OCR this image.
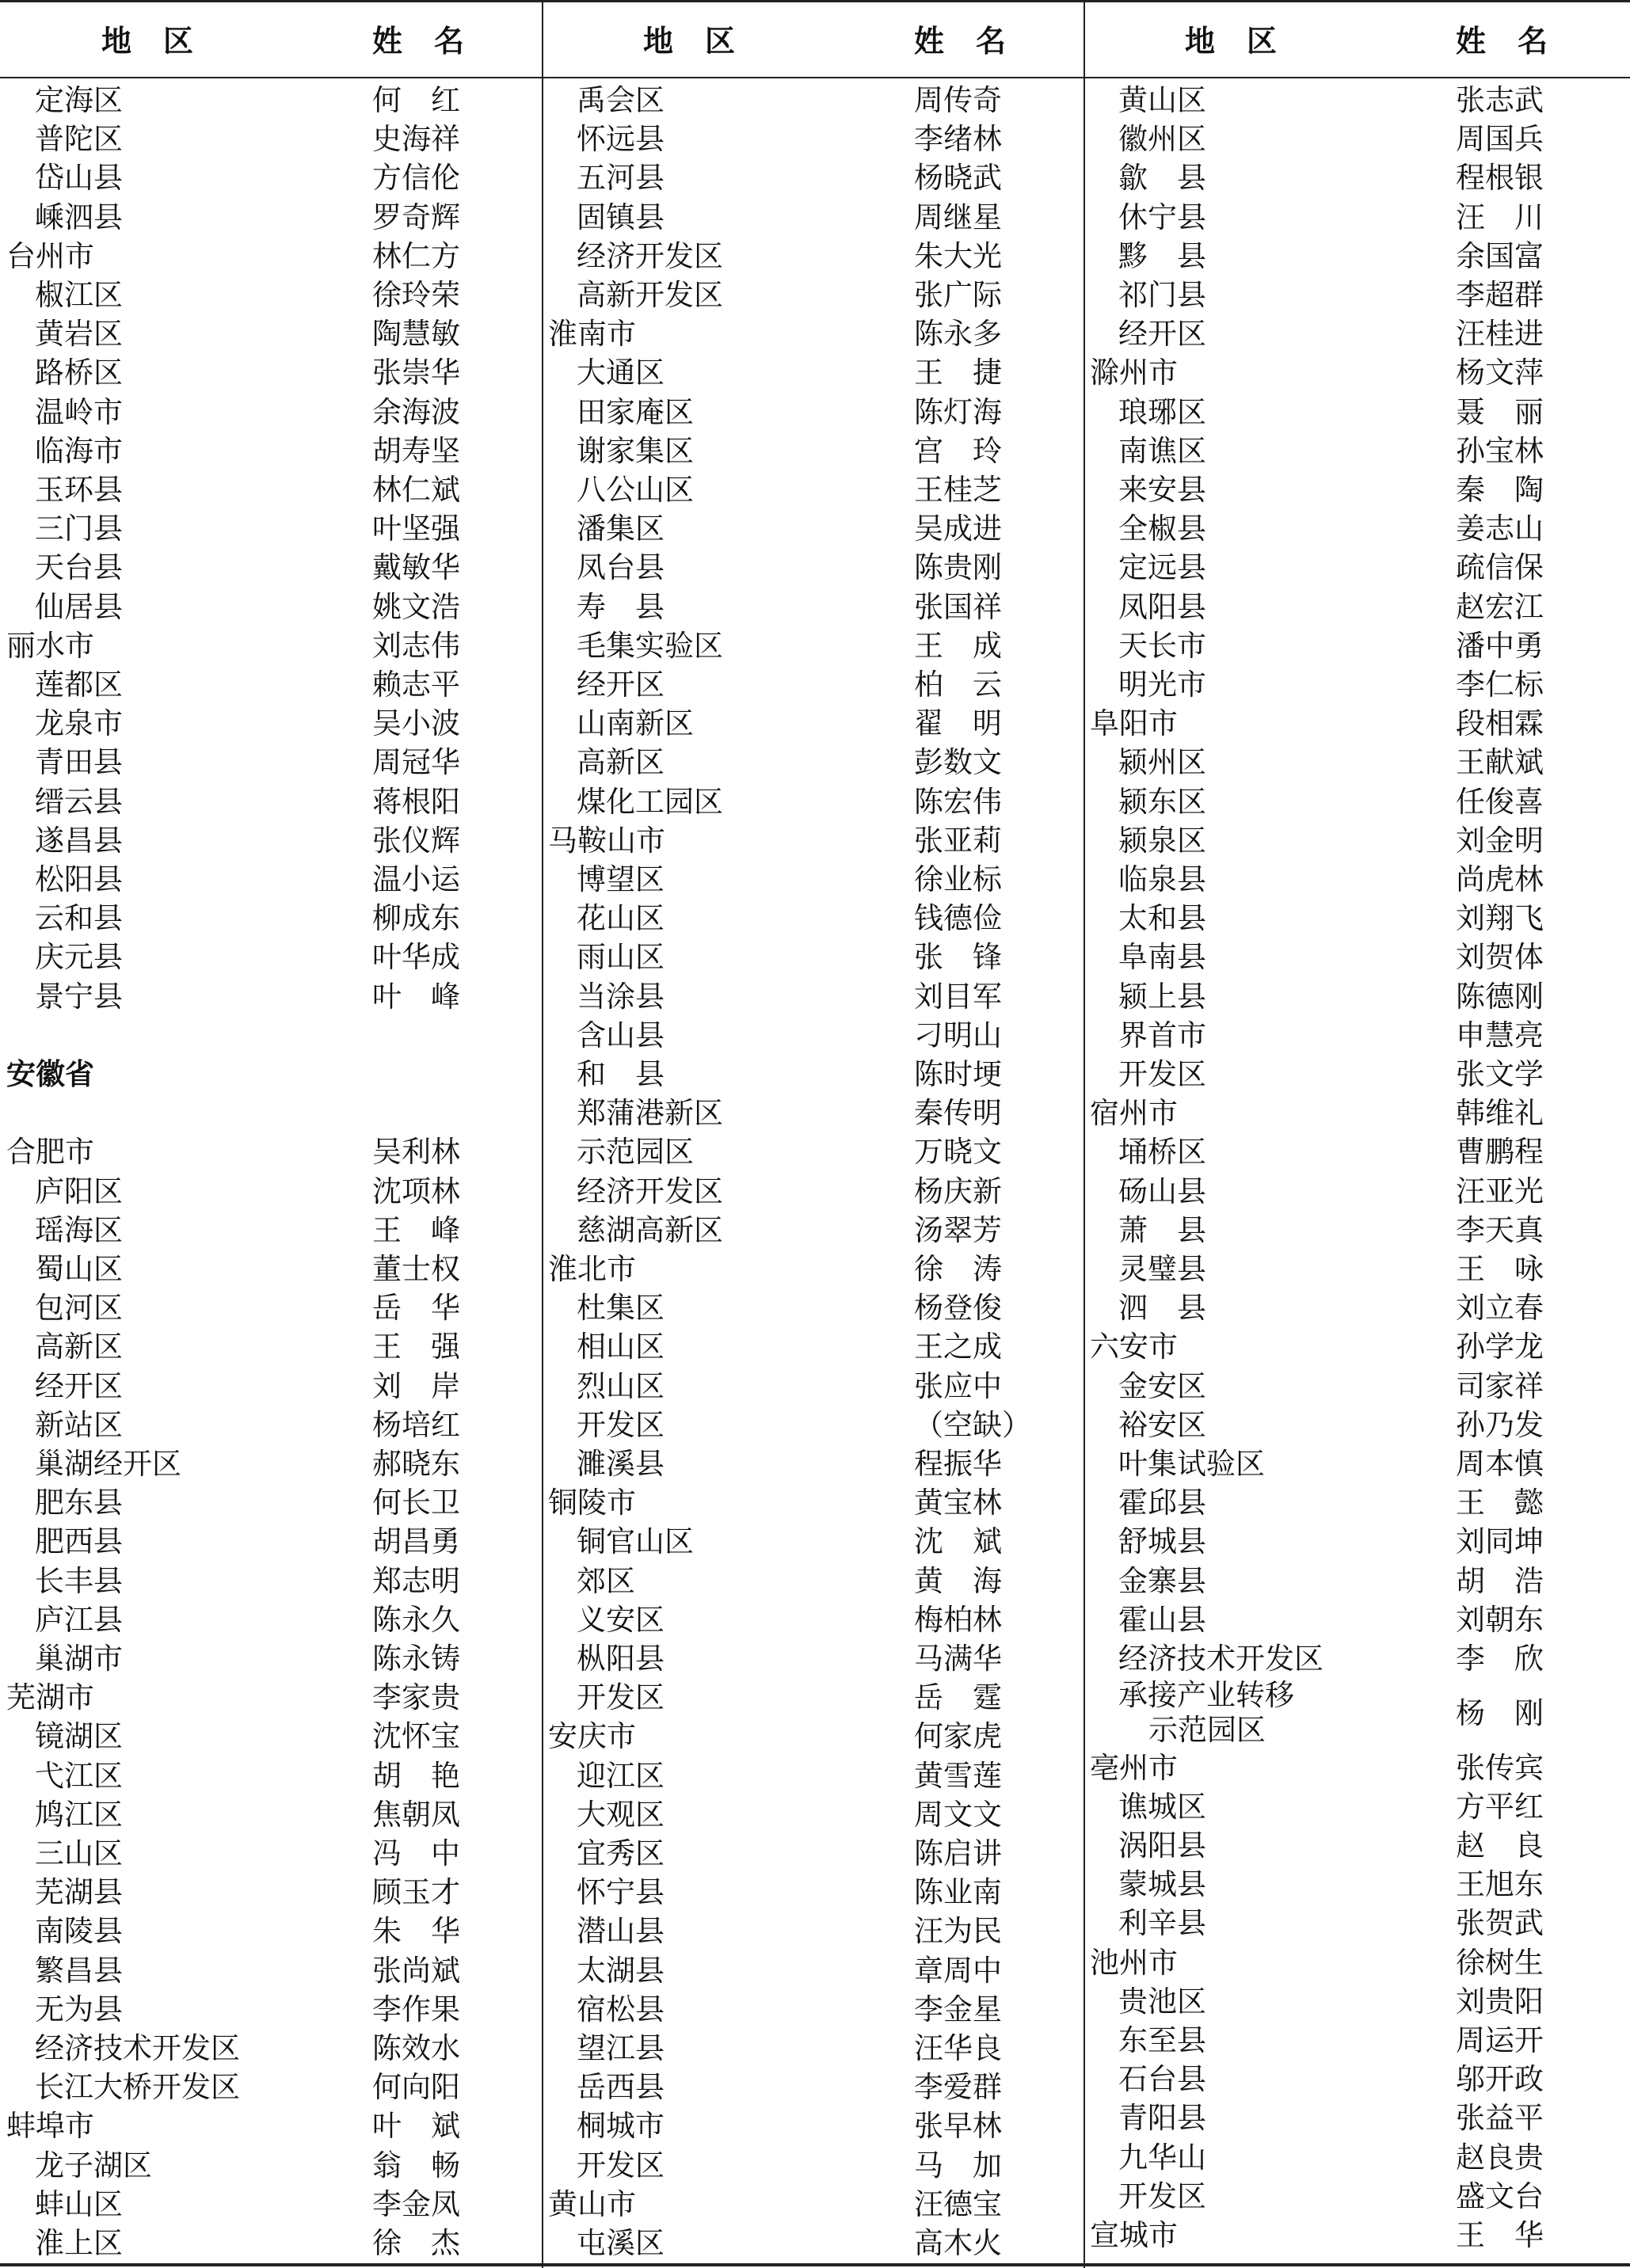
地区	姓名	地区	姓名	地区	姓名
定海区	何红
普陀区	史海祥
岱山县	方信伦
嵊泗县	罗奇辉
台州市	林仁方
椒江区	徐玲荣
黄岩区	陶慧敏
路桥区	张崇华
温岭市	余海波
临海市	胡寿坚
玉环县	林仁斌
三门县	叶坚强
天台县	戴敏华
仙居县	姚文浩
丽水市	刘志伟
莲都区	赖志平
龙泉市	吴小波
青田县	周冠华
缙云县	蒋根阳
遂昌县	张仪辉
松阳县	温小运
云和县	柳成东
庆元县	叶华成
景宁县	叶峰
安徽省
合肥市	吴利林
庐阳区	沈项林
瑶海区	王峰
蜀山区	董士权
包河区	岳华
高新区	王强
经开区	刘岸
新站区	杨培红
巢湖经开区	郝晓东
肥东县	何长卫
肥西县	胡昌勇
长丰县	郑志明
庐江县	陈永久
巢湖市	陈永铸
芜湖市	李家贵
镜湖区	沈怀宝
弋江区	胡艳
鸠江区	焦朝凤
三山区	冯中
芜湖县	顾玉才
南陵县	朱华
繁昌县	张尚斌
无为县	李作果
经济技术开发区	陈效水
长江大桥开发区	何向阳
蚌埠市	叶斌
龙子湖区	翁畅
蚌山区	李金凤
淮上区	徐杰
禹会区	周传奇
怀远县	李绪林
五河县	杨晓武
固镇县	周继星
经济开发区	朱大光
高新开发区	张广际
淮南市	陈永多
大通区	王捷
田家庵区	陈灯海
谢家集区	宫玲
八公山区	王桂芝
潘集区	吴成进
凤台县	陈贵刚
寿　县	张国祥
毛集实验区	王成
经开区	柏云
山南新区	翟明
高新区	彭数文
煤化工园区	陈宏伟
马鞍山市	张亚莉
博望区	徐业标
花山区	钱德俭
雨山区	张锋
当涂县	刘目军
含山县	刁明山
和　县	陈时埂
郑蒲港新区	秦传明
示范园区	万晓文
经济开发区	杨庆新
慈湖高新区	汤翠芳
淮北市	徐涛
杜集区	杨登俊
相山区	王之成
烈山区	张应中
开发区	（空缺）
濉溪县	程振华
铜陵市	黄宝林
铜官山区	沈斌
郊区	黄海
义安区	梅柏林
枞阳县	马满华
开发区	岳霆
安庆市	何家虎
迎江区	黄雪莲
大观区	周文文
宜秀区	陈启讲
怀宁县	陈业南
潜山县	汪为民
太湖县	章周中
宿松县	李金星
望江县	汪华良
岳西县	李爱群
桐城市	张早林
开发区	马加
黄山市	汪德宝
屯溪区	高木火
黄山区	张志武
徽州区	周国兵
歙　县	程根银
休宁县	汪川
黟　县	余国富
祁门县	李超群
经开区	汪桂进
滁州市	杨文萍
琅琊区	聂丽
南谯区	孙宝林
来安县	秦陶
全椒县	姜志山
定远县	疏信保
凤阳县	赵宏江
天长市	潘中勇
明光市	李仁标
阜阳市	段相霖
颍州区	王献斌
颍东区	任俊喜
颍泉区	刘金明
临泉县	尚虎林
太和县	刘翔飞
阜南县	刘贺体
颍上县	陈德刚
界首市	申慧亮
开发区	张文学
宿州市	韩维礼
埇桥区	曹鹏程
砀山县	汪亚光
萧　县	李天真
灵璧县	王咏
泗　县	刘立春
六安市	孙学龙
金安区	司家祥
裕安区	孙乃发
叶集试验区	周本慎
霍邱县	王懿
舒城县	刘同坤
金寨县	胡浩
霍山县	刘朝东
经济技术开发区	李欣
承接产业转移
示范园区	杨刚
亳州市	张传宾
谯城区	方平红
涡阳县	赵良
蒙城县	王旭东
利辛县	张贺武
池州市	徐树生
贵池区	刘贵阳
东至县	周运开
石台县	邬开政
青阳县	张益平
九华山	赵良贵
开发区	盛文台
宣城市	王华
